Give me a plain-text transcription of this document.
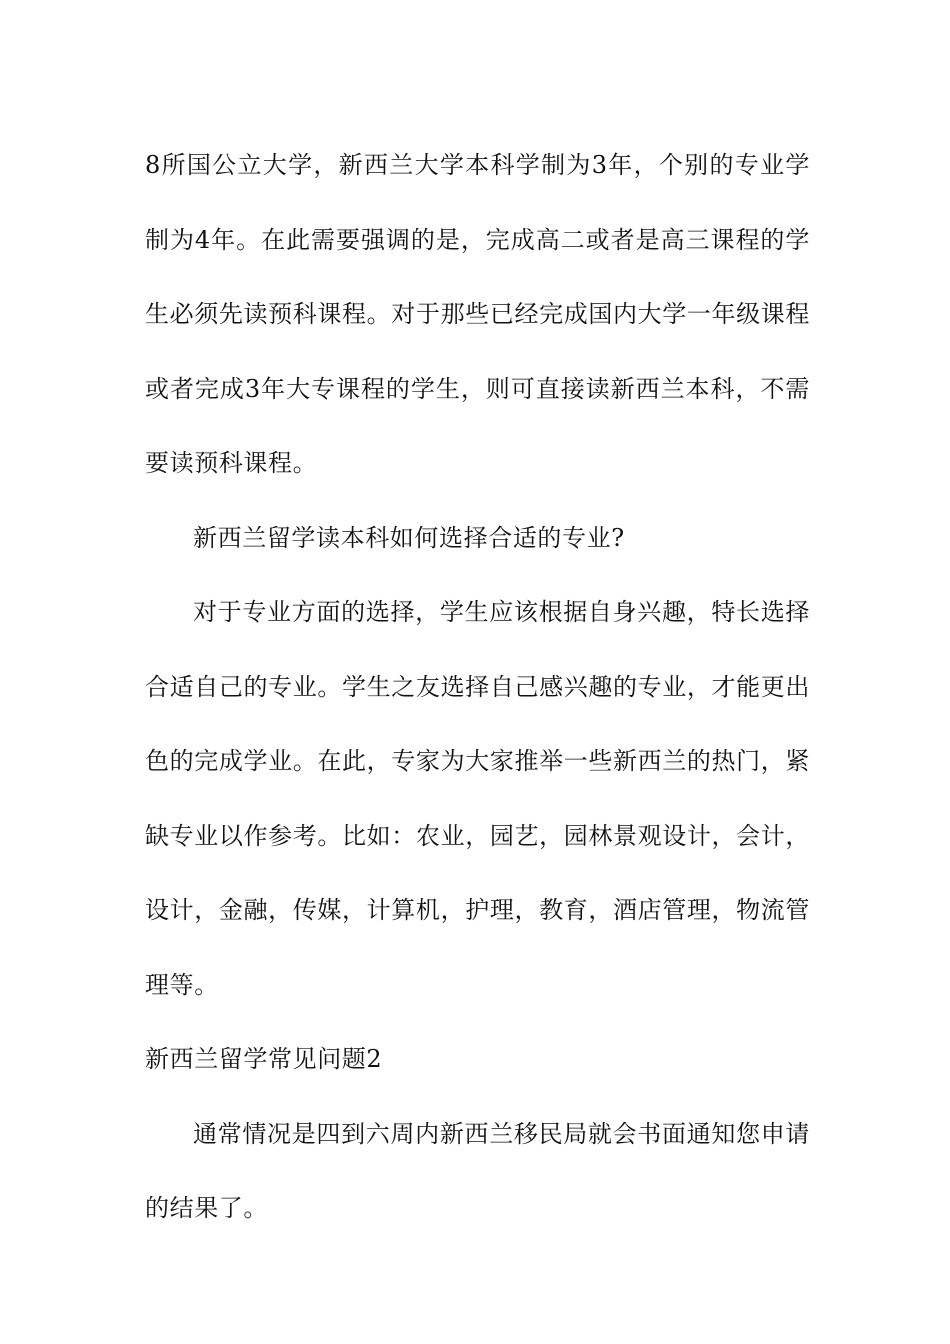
8所国公立大学，新西兰大学本科学制为3年，个别的专业学制为4年。在此需要强调的是，完成高二或者是高三课程的学生必须先读预科课程。对于那些已经完成国内大学一年级课程或者完成3年大专课程的学生，则可直接读新西兰本科，不需要读预科课程。

新西兰留学读本科如何选择合适的专业?

对于专业方面的选择，学生应该根据自身兴趣，特长选择合适自己的专业。学生之友选择自己感兴趣的专业，才能更出色的完成学业。在此，专家为大家推举一些新西兰的热门，紧缺专业以作参考。比如：农业，园艺，园林景观设计，会计，设计，金融，传媒，计算机，护理，教育，酒店管理，物流管理等。

新西兰留学常见问题2

通常情况是四到六周内新西兰移民局就会书面通知您申请的结果了。
